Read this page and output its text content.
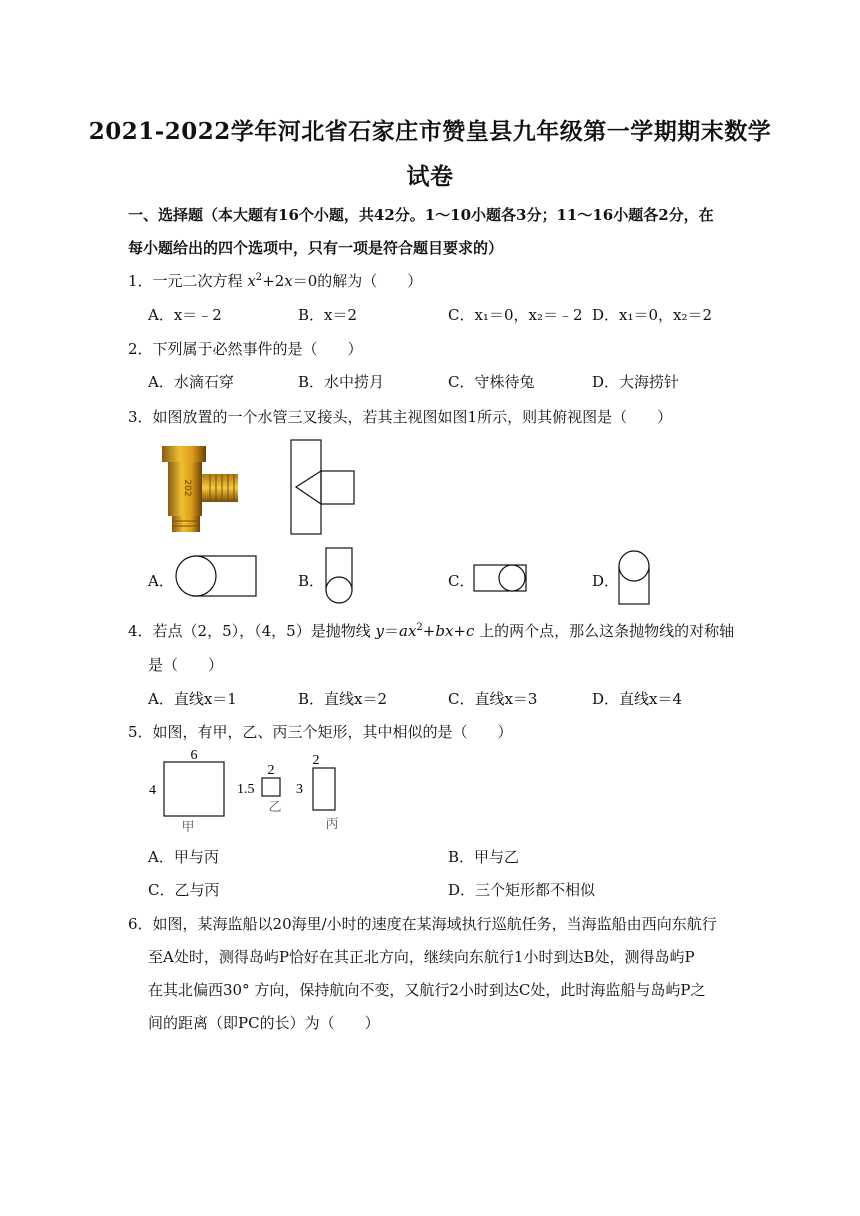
2021-2022学年河北省石家庄市赞皇县九年级第一学期期末数学
试卷
一、选择题（本大题有16个小题，共42分。1～10小题各3分；11～16小题各2分，在
每小题给出的四个选项中，只有一项是符合题目要求的）
1．一元二次方程 $x^2+2x=0$的解为（　　）
A．x＝﹣2	B．x＝2	C．x₁＝0，x₂＝﹣2 D．x₁＝0，x₂＝2
2．下列属于必然事件的是（　　）
A．水滴石穿	B．水中捞月	C．守株待兔	D．大海捞针
3．如图放置的一个水管三叉接头，若其主视图如图1所示，则其俯视图是（　　）
202
A．	B．	C．	D．
4．若点（2，5），（4，5）是抛物线 $y=ax^2+bx+c$ 上的两个点，那么这条抛物线的对称轴
是（　　）
A．直线x＝1	B．直线x＝2	C．直线x＝3	D．直线x＝4
5．如图，有甲，乙、丙三个矩形，其中相似的是（　　）
6
4
甲
2
1.5
乙
2
3
丙
A．甲与丙	B．甲与乙
C．乙与丙	D．三个矩形都不相似
6．如图，某海监船以20海里/小时的速度在某海域执行巡航任务，当海监船由西向东航行
至A处时，测得岛屿P恰好在其正北方向，继续向东航行1小时到达B处，测得岛屿P
在其北偏西30° 方向，保持航向不变，又航行2小时到达C处，此时海监船与岛屿P之
间的距离（即PC的长）为（　　）
